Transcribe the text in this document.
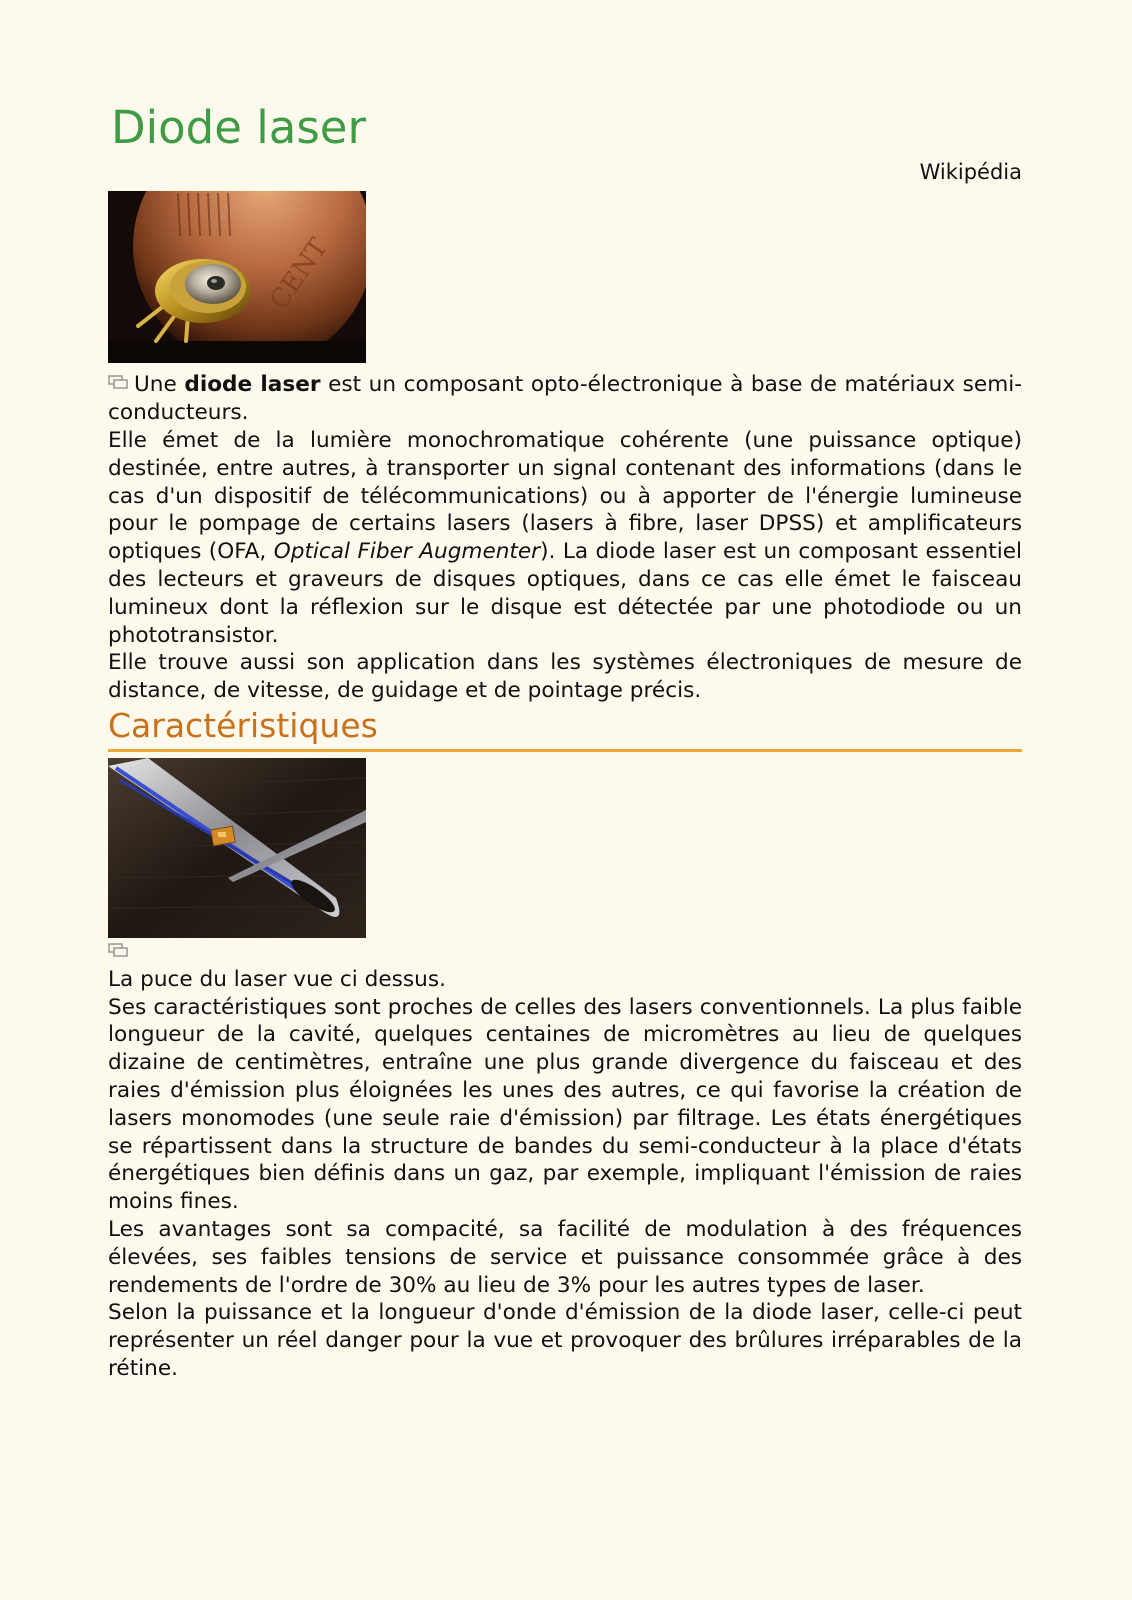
Diode laser
Wikipédia
CENT

Une diode laser est un composant opto-électronique à base de matériaux semi-conducteurs.

Elle émet de la lumière monochromatique cohérente (une puissance optique) destinée, entre autres, à transporter un signal contenant des informations (dans le cas d'un dispositif de télécommunications) ou à apporter de l'énergie lumineuse pour le pompage de certains lasers (lasers à fibre, laser DPSS) et amplificateurs optiques (OFA, Optical Fiber Augmenter). La diode laser est un composant essentiel des lecteurs et graveurs de disques optiques, dans ce cas elle émet le faisceau lumineux dont la réflexion sur le disque est détectée par une photodiode ou un phototransistor.

Elle trouve aussi son application dans les systèmes électroniques de mesure de distance, de vitesse, de guidage et de pointage précis.

Caractéristiques

La puce du laser vue ci dessus.

Ses caractéristiques sont proches de celles des lasers conventionnels. La plus faible longueur de la cavité, quelques centaines de micromètres au lieu de quelques dizaine de centimètres, entraîne une plus grande divergence du faisceau et des raies d'émission plus éloignées les unes des autres, ce qui favorise la création de lasers monomodes (une seule raie d'émission) par filtrage. Les états énergétiques se répartissent dans la structure de bandes du semi-conducteur à la place d'états énergétiques bien définis dans un gaz, par exemple, impliquant l'émission de raies moins fines.

Les avantages sont sa compacité, sa facilité de modulation à des fréquences élevées, ses faibles tensions de service et puissance consommée grâce à des rendements de l'ordre de 30% au lieu de 3% pour les autres types de laser.

Selon la puissance et la longueur d'onde d'émission de la diode laser, celle-ci peut représenter un réel danger pour la vue et provoquer des brûlures irréparables de la rétine.
